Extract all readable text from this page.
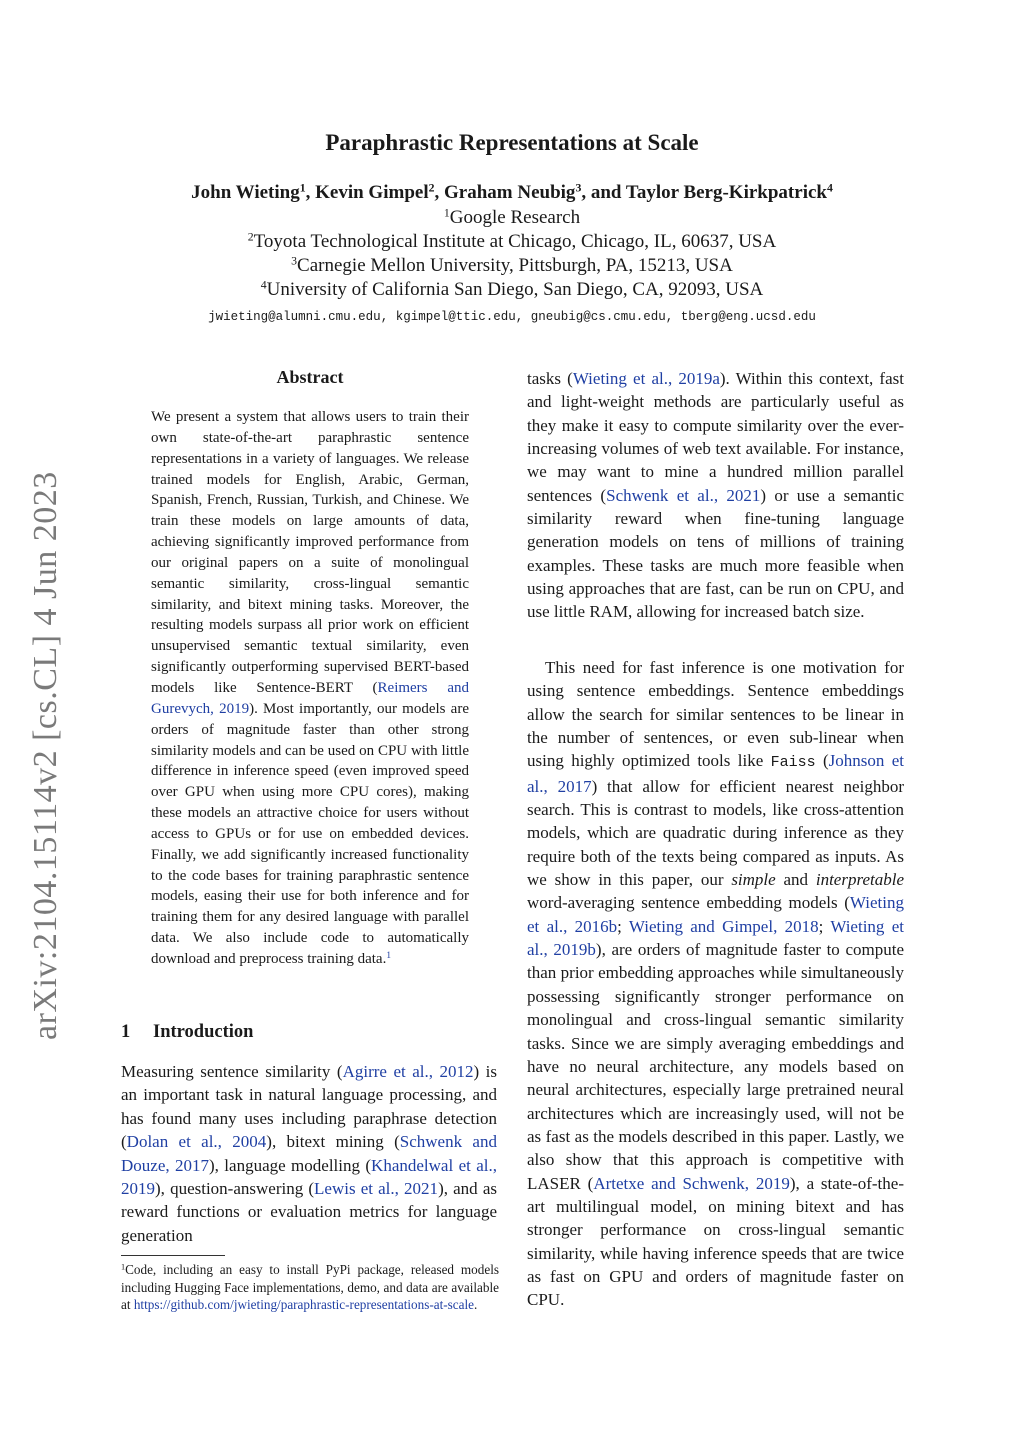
arXiv:2104.15114v2 [cs.CL] 4 Jun 2023
Paraphrastic Representations at Scale
John Wieting$^1$, Kevin Gimpel$^2$, Graham Neubig$^3$, and Taylor Berg-Kirkpatrick$^4$
$^1$Google Research
$^2$Toyota Technological Institute at Chicago, Chicago, IL, 60637, USA
$^3$Carnegie Mellon University, Pittsburgh, PA, 15213, USA
$^4$University of California San Diego, San Diego, CA, 92093, USA
jwieting@alumni.cmu.edu, kgimpel@ttic.edu, gneubig@cs.cmu.edu, tberg@eng.ucsd.edu
Abstract

We present a system that allows users to train their own state-of-the-art paraphrastic sentence representations in a variety of languages. We release trained models for English, Arabic, German, Spanish, French, Russian, Turkish, and Chinese. We train these models on large amounts of data, achieving significantly improved performance from our original papers on a suite of monolingual semantic similarity, cross-lingual semantic similarity, and bitext mining tasks. Moreover, the resulting models surpass all prior work on efficient unsupervised semantic textual similarity, even significantly outperforming supervised BERT-based models like Sentence-BERT (Reimers and Gurevych, 2019). Most importantly, our models are orders of magnitude faster than other strong similarity models and can be used on CPU with little difference in inference speed (even improved speed over GPU when using more CPU cores), making these models an attractive choice for users without access to GPUs or for use on embedded devices. Finally, we add significantly increased functionality to the code bases for training paraphrastic sentence models, easing their use for both inference and for training them for any desired language with parallel data. We also include code to automatically download and preprocess training data.$^1$

1 Introduction

Measuring sentence similarity (Agirre et al., 2012) is an important task in natural language processing, and has found many uses including paraphrase detection (Dolan et al., 2004), bitext mining (Schwenk and Douze, 2017), language modelling (Khandelwal et al., 2019), question-answering (Lewis et al., 2021), and as reward functions or evaluation metrics for language generation

$^1$Code, including an easy to install PyPi package, released models including Hugging Face implementations, demo, and data are available at https://github.com/jwieting/paraphrastic-representations-at-scale.

tasks (Wieting et al., 2019a). Within this context, fast and light-weight methods are particularly useful as they make it easy to compute similarity over the ever-increasing volumes of web text available. For instance, we may want to mine a hundred million parallel sentences (Schwenk et al., 2021) or use a semantic similarity reward when fine-tuning language generation models on tens of millions of training examples. These tasks are much more feasible when using approaches that are fast, can be run on CPU, and use little RAM, allowing for increased batch size.

This need for fast inference is one motivation for using sentence embeddings. Sentence embeddings allow the search for similar sentences to be linear in the number of sentences, or even sub-linear when using highly optimized tools like Faiss (Johnson et al., 2017) that allow for efficient nearest neighbor search. This is contrast to models, like cross-attention models, which are quadratic during inference as they require both of the texts being compared as inputs. As we show in this paper, our simple and interpretable word-averaging sentence embedding models (Wieting et al., 2016b; Wieting and Gimpel, 2018; Wieting et al., 2019b), are orders of magnitude faster to compute than prior embedding approaches while simultaneously possessing significantly stronger performance on monolingual and cross-lingual semantic similarity tasks. Since we are simply averaging embeddings and have no neural architecture, any models based on neural architectures, especially large pretrained neural architectures which are increasingly used, will not be as fast as the models described in this paper. Lastly, we also show that this approach is competitive with LASER (Artetxe and Schwenk, 2019), a state-of-the-art multilingual model, on mining bitext and has stronger performance on cross-lingual semantic similarity, while having inference speeds that are twice as fast on GPU and orders of magnitude faster on CPU.
